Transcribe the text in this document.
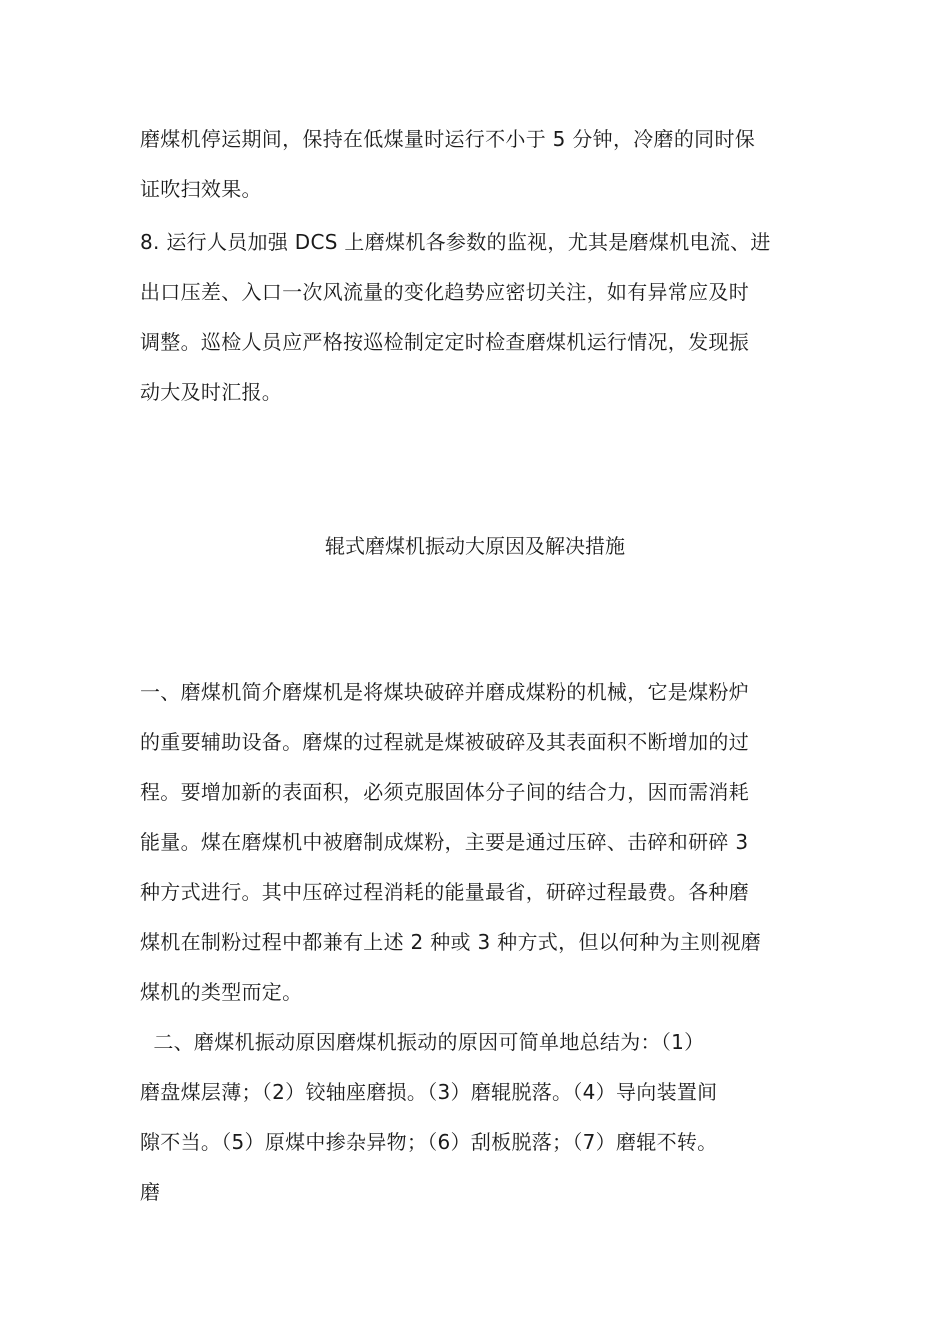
磨煤机停运期间，保持在低煤量时运行不小于 5 分钟，冷磨的同时保
证吹扫效果。
8. 运行人员加强 DCS 上磨煤机各参数的监视，尤其是磨煤机电流、进
出口压差、入口一次风流量的变化趋势应密切关注，如有异常应及时
调整。巡检人员应严格按巡检制定定时检查磨煤机运行情况，发现振
动大及时汇报。
辊式磨煤机振动大原因及解决措施
一、磨煤机简介磨煤机是将煤块破碎并磨成煤粉的机械，它是煤粉炉
的重要辅助设备。磨煤的过程就是煤被破碎及其表面积不断增加的过
程。要增加新的表面积，必须克服固体分子间的结合力，因而需消耗
能量。煤在磨煤机中被磨制成煤粉，主要是通过压碎、击碎和研碎 3
种方式进行。其中压碎过程消耗的能量最省，研碎过程最费。各种磨
煤机在制粉过程中都兼有上述 2 种或 3 种方式，但以何种为主则视磨
煤机的类型而定。
二、磨煤机振动原因磨煤机振动的原因可简单地总结为：（1）
磨盘煤层薄；（2）铰轴座磨损。（3）磨辊脱落。（4）导向装置间
隙不当。（5）原煤中掺杂异物；（6）刮板脱落；（7）磨辊不转。
磨
